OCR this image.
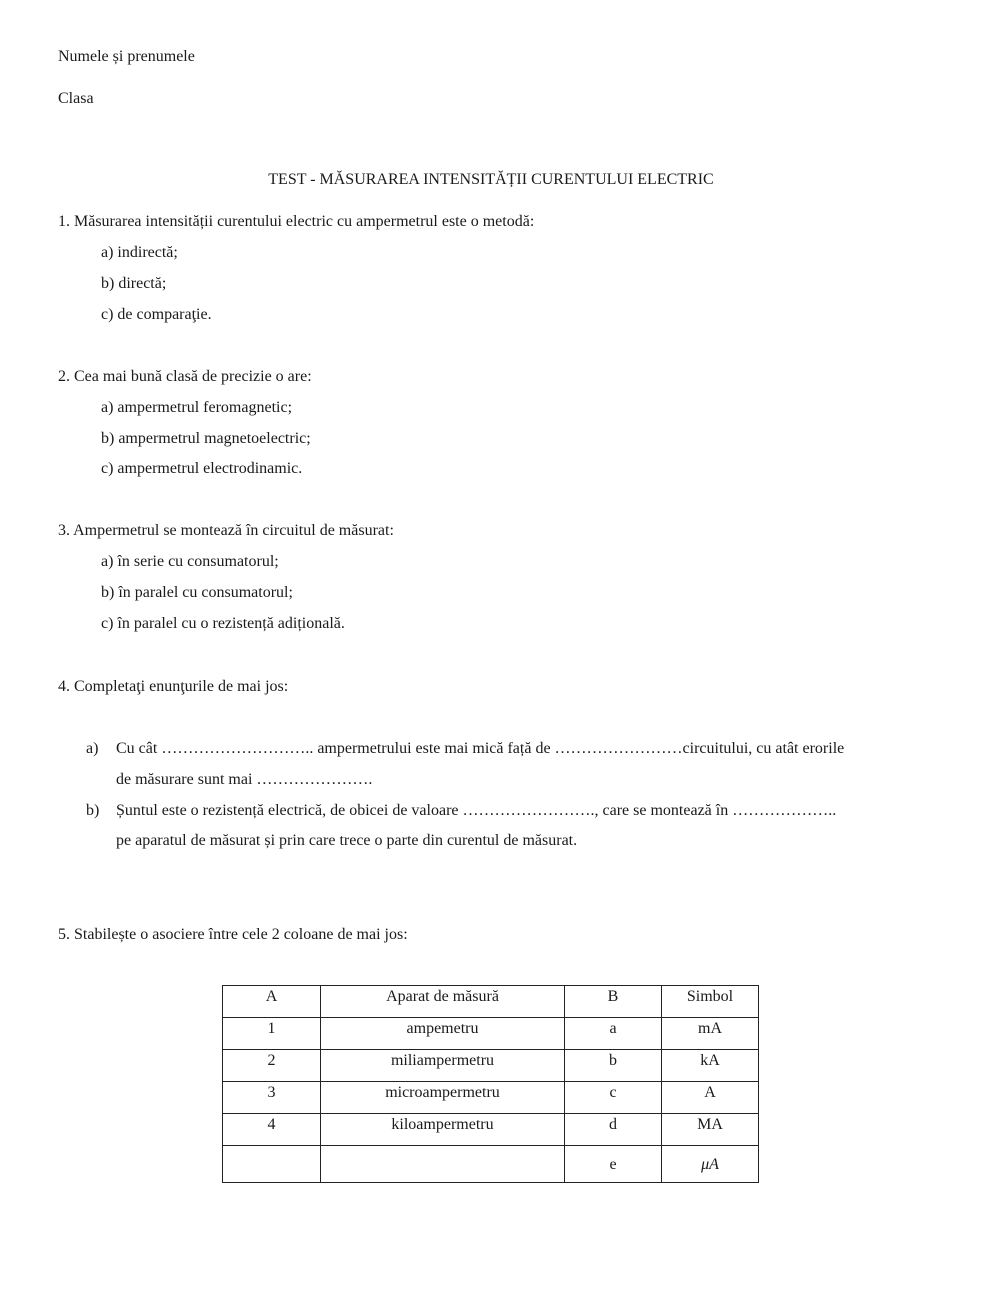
Numele și prenumele
Clasa
TEST - MĂSURAREA INTENSITĂȚII CURENTULUI ELECTRIC
1. Măsurarea intensității curentului electric cu ampermetrul este o metodă:
a) indirectă;
b) directă;
c) de comparaţie.
2. Cea mai bună clasă de precizie o are:
a) ampermetrul feromagnetic;
b) ampermetrul magnetoelectric;
c) ampermetrul electrodinamic.
3. Ampermetrul se montează în circuitul de măsurat:
a) în serie cu consumatorul;
b) în paralel cu consumatorul;
c) în paralel cu o rezistență adițională.
4. Completaţi enunţurile de mai jos:
a) Cu cât ……………………….. ampermetrului este mai mică față de ……………………circuitului, cu atât erorile
de măsurare sunt mai ………………….
b) Șuntul este o rezistență electrică, de obicei de valoare ……………………., care se montează în ………………..
pe aparatul de măsurat și prin care trece o parte din curentul de măsurat.
5. Stabilește o asociere între cele 2 coloane de mai jos:
A	Aparat de măsură	B	Simbol
1	ampemetru	a	mA
2	miliampermetru	b	kA
3	microampermetru	c	A
4	kiloampermetru	d	MA
		e	μA
